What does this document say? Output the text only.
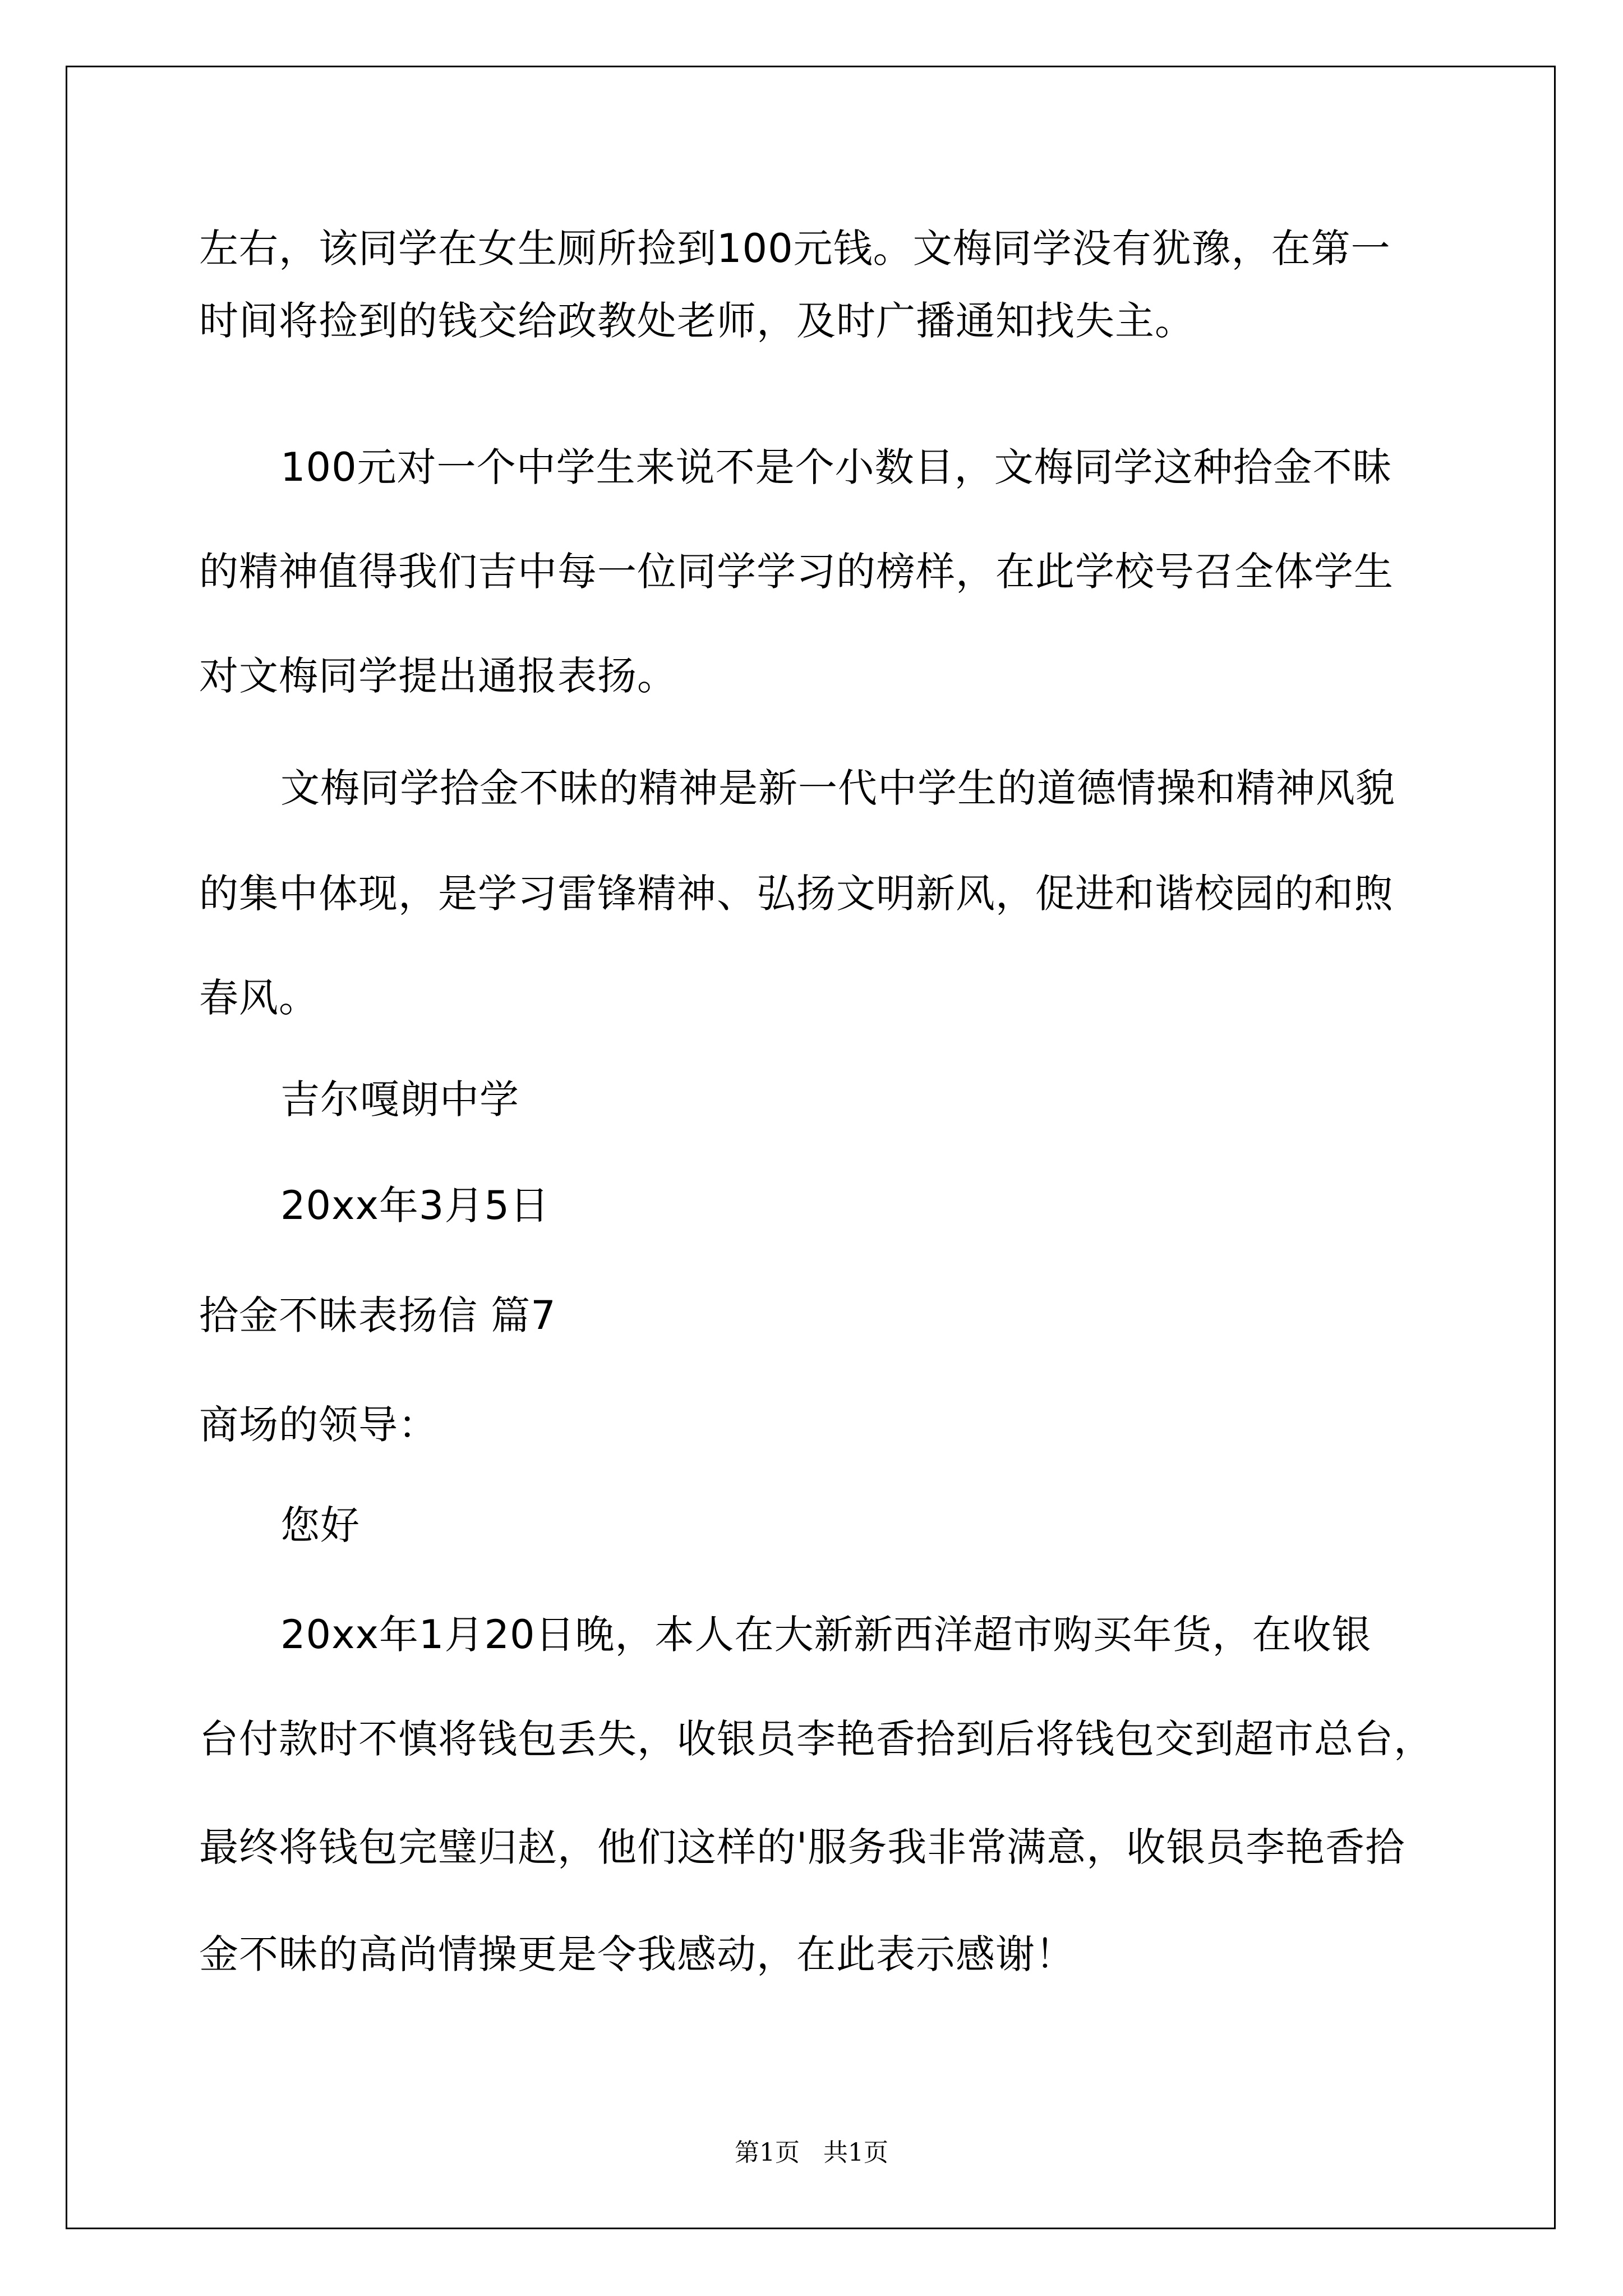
左右，该同学在女生厕所捡到100元钱。文梅同学没有犹豫，在第一
时间将捡到的钱交给政教处老师，及时广播通知找失主。
100元对一个中学生来说不是个小数目，文梅同学这种拾金不昧
的精神值得我们吉中每一位同学学习的榜样，在此学校号召全体学生
对文梅同学提出通报表扬。
文梅同学拾金不昧的精神是新一代中学生的道德情操和精神风貌
的集中体现，是学习雷锋精神、弘扬文明新风，促进和谐校园的和煦
春风。
吉尔嘎朗中学
20xx年3月5日
拾金不昧表扬信 篇7
商场的领导：
您好
20xx年1月20日晚，本人在大新新西洋超市购买年货，在收银
台付款时不慎将钱包丢失，收银员李艳香拾到后将钱包交到超市总台，
最终将钱包完璧归赵，他们这样的'服务我非常满意，收银员李艳香拾
金不昧的高尚情操更是令我感动，在此表示感谢！
第1页   共1页
